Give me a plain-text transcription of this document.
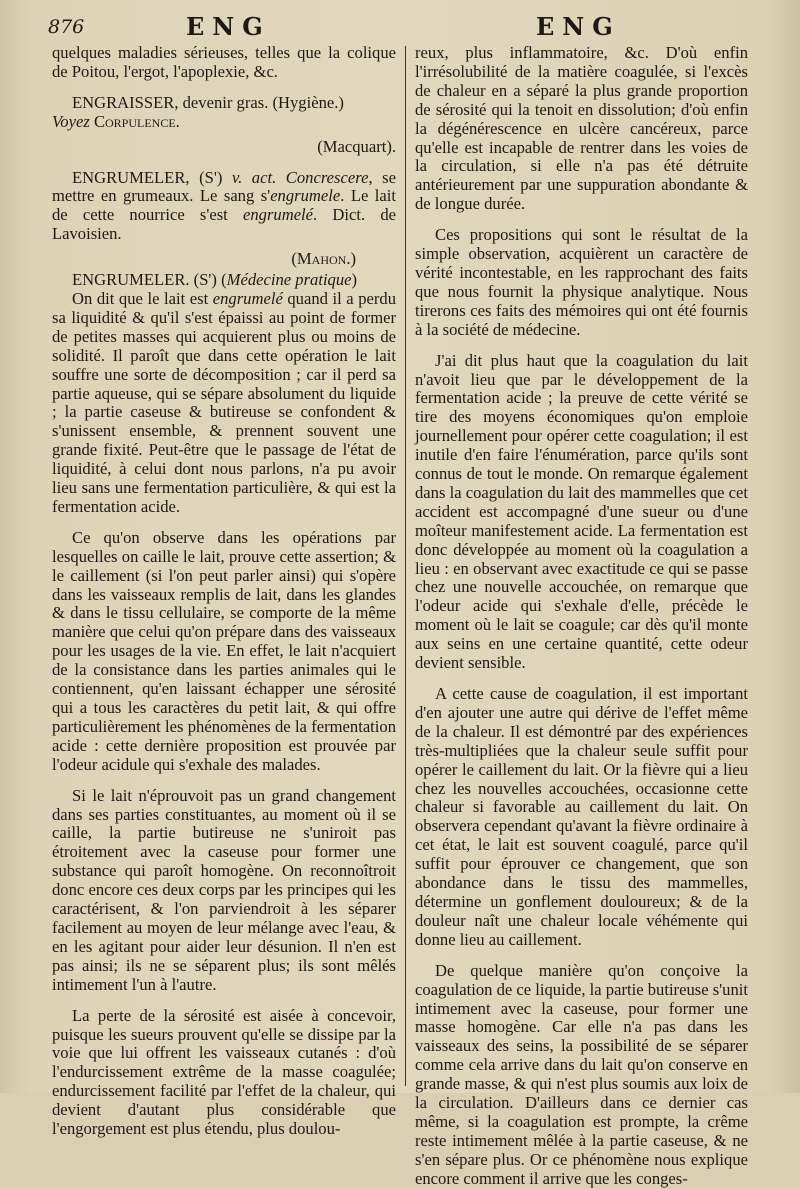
876	ENG	ENG

quelques maladies sérieuses, telles que la colique de Poitou, l'ergot, l'apoplexie, &c.

ENGRAISSER, devenir gras. (Hygiène.)
Voyez Corpulence.

(Macquart).

ENGRUMELER, (S') v. act. Concrescere, se mettre en grumeaux. Le sang s'engrumele. Le lait de cette nourrice s'est engrumelé. Dict. de Lavoisien.

(Mahon.)

ENGRUMELER. (S') (Médecine pratique)

On dit que le lait est engrumelé quand il a perdu sa liquidité & qu'il s'est épaissi au point de former de petites masses qui acquierent plus ou moins de solidité. Il paroît que dans cette opération le lait souffre une sorte de décomposition ; car il perd sa partie aqueuse, qui se sépare absolument du liquide ; la partie caseuse & butireuse se confondent & s'unissent ensemble, & prennent souvent une grande fixité. Peut-être que le passage de l'état de liquidité, à celui dont nous parlons, n'a pu avoir lieu sans une fermentation particulière, & qui est la fermentation acide.

Ce qu'on observe dans les opérations par lesquelles on caille le lait, prouve cette assertion; & le caillement (si l'on peut parler ainsi) qui s'opère dans les vaisseaux remplis de lait, dans les glandes & dans le tissu cellulaire, se comporte de la même manière que celui qu'on prépare dans des vaisseaux pour les usages de la vie. En effet, le lait n'acquiert de la consistance dans les parties animales qui le contiennent, qu'en laissant échapper une sérosité qui a tous les caractères du petit lait, & qui offre particulièrement les phénomènes de la fermentation acide : cette dernière proposition est prouvée par l'odeur acidule qui s'exhale des malades.

Si le lait n'éprouvoit pas un grand changement dans ses parties constituantes, au moment où il se caille, la partie butireuse ne s'uniroit pas étroitement avec la caseuse pour former une substance qui paroît homogène. On reconnoîtroit donc encore ces deux corps par les principes qui les caractérisent, & l'on parviendroit à les séparer facilement au moyen de leur mélange avec l'eau, & en les agitant pour aider leur désunion. Il n'en est pas ainsi; ils ne se séparent plus; ils sont mêlés intimement l'un à l'autre.

La perte de la sérosité est aisée à concevoir, puisque les sueurs prouvent qu'elle se dissipe par la voie que lui offrent les vaisseaux cutanés : d'où l'endurcissement extrême de la masse coagulée; endurcissement facilité par l'effet de la chaleur, qui devient d'autant plus considérable que l'engorgement est plus étendu, plus doulou-

reux, plus inflammatoire, &c. D'où enfin l'irrésolubilité de la matière coagulée, si l'excès de chaleur en a séparé la plus grande proportion de sérosité qui la tenoit en dissolution; d'où enfin la dégénérescence en ulcère cancéreux, parce qu'elle est incapable de rentrer dans les voies de la circulation, si elle n'a pas été détruite antérieurement par une suppuration abondante & de longue durée.

Ces propositions qui sont le résultat de la simple observation, acquièrent un caractère de vérité incontestable, en les rapprochant des faits que nous fournit la physique analytique. Nous tirerons ces faits des mémoires qui ont été fournis à la société de médecine.

J'ai dit plus haut que la coagulation du lait n'avoit lieu que par le développement de la fermentation acide ; la preuve de cette vérité se tire des moyens économiques qu'on emploie journellement pour opérer cette coagulation; il est inutile d'en faire l'énumération, parce qu'ils sont connus de tout le monde. On remarque également dans la coagulation du lait des mammelles que cet accident est accompagné d'une sueur ou d'une moîteur manifestement acide. La fermentation est donc développée au moment où la coagulation a lieu : en observant avec exactitude ce qui se passe chez une nouvelle accouchée, on remarque que l'odeur acide qui s'exhale d'elle, précède le moment où le lait se coagule; car dès qu'il monte aux seins en une certaine quantité, cette odeur devient sensible.

A cette cause de coagulation, il est important d'en ajouter une autre qui dérive de l'effet même de la chaleur. Il est démontré par des expériences très-multipliées que la chaleur seule suffit pour opérer le caillement du lait. Or la fièvre qui a lieu chez les nouvelles accouchées, occasionne cette chaleur si favorable au caillement du lait. On observera cependant qu'avant la fièvre ordinaire à cet état, le lait est souvent coagulé, parce qu'il suffit pour éprouver ce changement, que son abondance dans le tissu des mammelles, détermine un gonflement douloureux; & de la douleur naît une chaleur locale véhémente qui donne lieu au caillement.

De quelque manière qu'on conçoive la coagulation de ce liquide, la partie butireuse s'unit intimement avec la caseuse, pour former une masse homogène. Car elle n'a pas dans les vaisseaux des seins, la possibilité de se séparer comme cela arrive dans du lait qu'on conserve en grande masse, & qui n'est plus soumis aux loix de la circulation. D'ailleurs dans ce dernier cas même, si la coagulation est prompte, la crême reste intimement mêlée à la partie caseuse, & ne s'en sépare plus. Or ce phénomène nous explique encore comment il arrive que les conges-
